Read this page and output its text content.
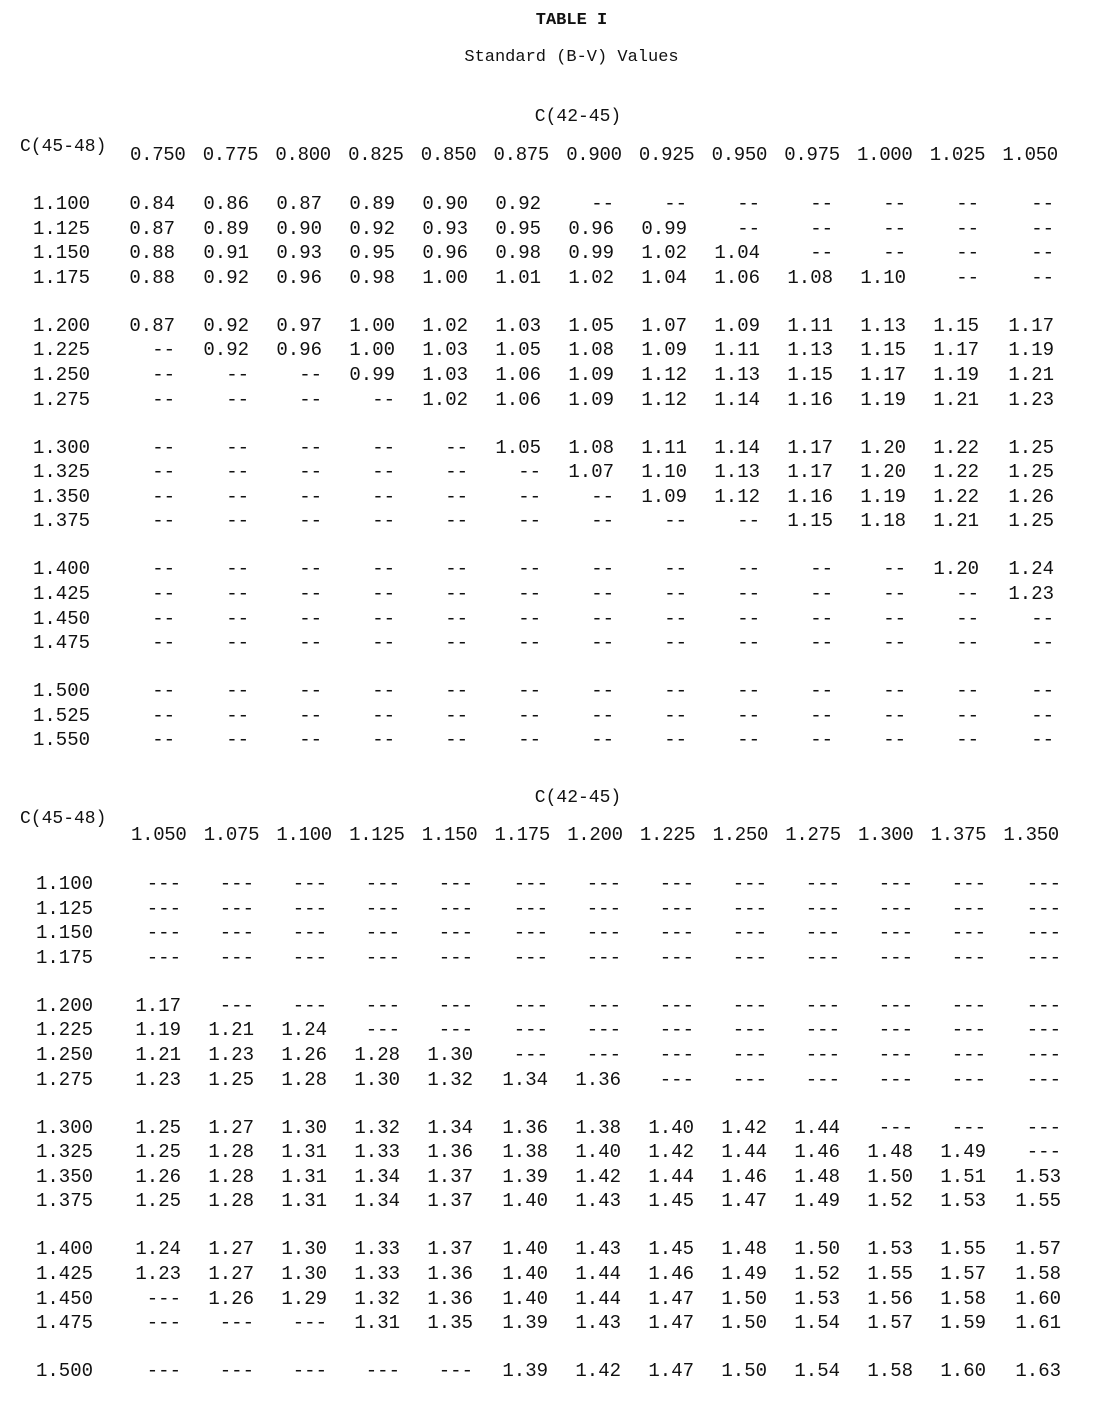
TABLE I
Standard (B-V) Values
C(42-45)
C(45-48) 0.750 0.775 0.800 0.825 0.850 0.875 0.900 0.925 0.950 0.975 1.000 1.025 1.050
1.100	0.84	0.86	0.87	0.89	0.90	0.92	--	--	--	--	--	--	--
1.125	0.87	0.89	0.90	0.92	0.93	0.95	0.96	0.99	--	--	--	--	--
1.150	0.88	0.91	0.93	0.95	0.96	0.98	0.99	1.02	1.04	--	--	--	--
1.175	0.88	0.92	0.96	0.98	1.00	1.01	1.02	1.04	1.06	1.08	1.10	--	--
1.200	0.87	0.92	0.97	1.00	1.02	1.03	1.05	1.07	1.09	1.11	1.13	1.15	1.17
1.225	--	0.92	0.96	1.00	1.03	1.05	1.08	1.09	1.11	1.13	1.15	1.17	1.19
1.250	--	--	--	0.99	1.03	1.06	1.09	1.12	1.13	1.15	1.17	1.19	1.21
1.275	--	--	--	--	1.02	1.06	1.09	1.12	1.14	1.16	1.19	1.21	1.23
1.300	--	--	--	--	--	1.05	1.08	1.11	1.14	1.17	1.20	1.22	1.25
1.325	--	--	--	--	--	--	1.07	1.10	1.13	1.17	1.20	1.22	1.25
1.350	--	--	--	--	--	--	--	1.09	1.12	1.16	1.19	1.22	1.26
1.375	--	--	--	--	--	--	--	--	--	1.15	1.18	1.21	1.25
1.400	--	--	--	--	--	--	--	--	--	--	--	1.20	1.24
1.425	--	--	--	--	--	--	--	--	--	--	--	--	1.23
1.450	--	--	--	--	--	--	--	--	--	--	--	--	--
1.475	--	--	--	--	--	--	--	--	--	--	--	--	--
1.500	--	--	--	--	--	--	--	--	--	--	--	--	--
1.525	--	--	--	--	--	--	--	--	--	--	--	--	--
1.550	--	--	--	--	--	--	--	--	--	--	--	--	--
C(42-45)
C(45-48)
1.050 1.075 1.100 1.125 1.150 1.175 1.200 1.225 1.250 1.275 1.300 1.375 1.350
1.100	---	---	---	---	---	---	---	---	---	---	---	---	---
1.125	---	---	---	---	---	---	---	---	---	---	---	---	---
1.150	---	---	---	---	---	---	---	---	---	---	---	---	---
1.175	---	---	---	---	---	---	---	---	---	---	---	---	---
1.200	1.17	---	---	---	---	---	---	---	---	---	---	---	---
1.225	1.19	1.21	1.24	---	---	---	---	---	---	---	---	---	---
1.250	1.21	1.23	1.26	1.28	1.30	---	---	---	---	---	---	---	---
1.275	1.23	1.25	1.28	1.30	1.32	1.34	1.36	---	---	---	---	---	---
1.300	1.25	1.27	1.30	1.32	1.34	1.36	1.38	1.40	1.42	1.44	---	---	---
1.325	1.25	1.28	1.31	1.33	1.36	1.38	1.40	1.42	1.44	1.46	1.48	1.49	---
1.350	1.26	1.28	1.31	1.34	1.37	1.39	1.42	1.44	1.46	1.48	1.50	1.51	1.53
1.375	1.25	1.28	1.31	1.34	1.37	1.40	1.43	1.45	1.47	1.49	1.52	1.53	1.55
1.400	1.24	1.27	1.30	1.33	1.37	1.40	1.43	1.45	1.48	1.50	1.53	1.55	1.57
1.425	1.23	1.27	1.30	1.33	1.36	1.40	1.44	1.46	1.49	1.52	1.55	1.57	1.58
1.450	---	1.26	1.29	1.32	1.36	1.40	1.44	1.47	1.50	1.53	1.56	1.58	1.60
1.475	---	---	---	1.31	1.35	1.39	1.43	1.47	1.50	1.54	1.57	1.59	1.61
1.500	---	---	---	---	---	1.39	1.42	1.47	1.50	1.54	1.58	1.60	1.63
